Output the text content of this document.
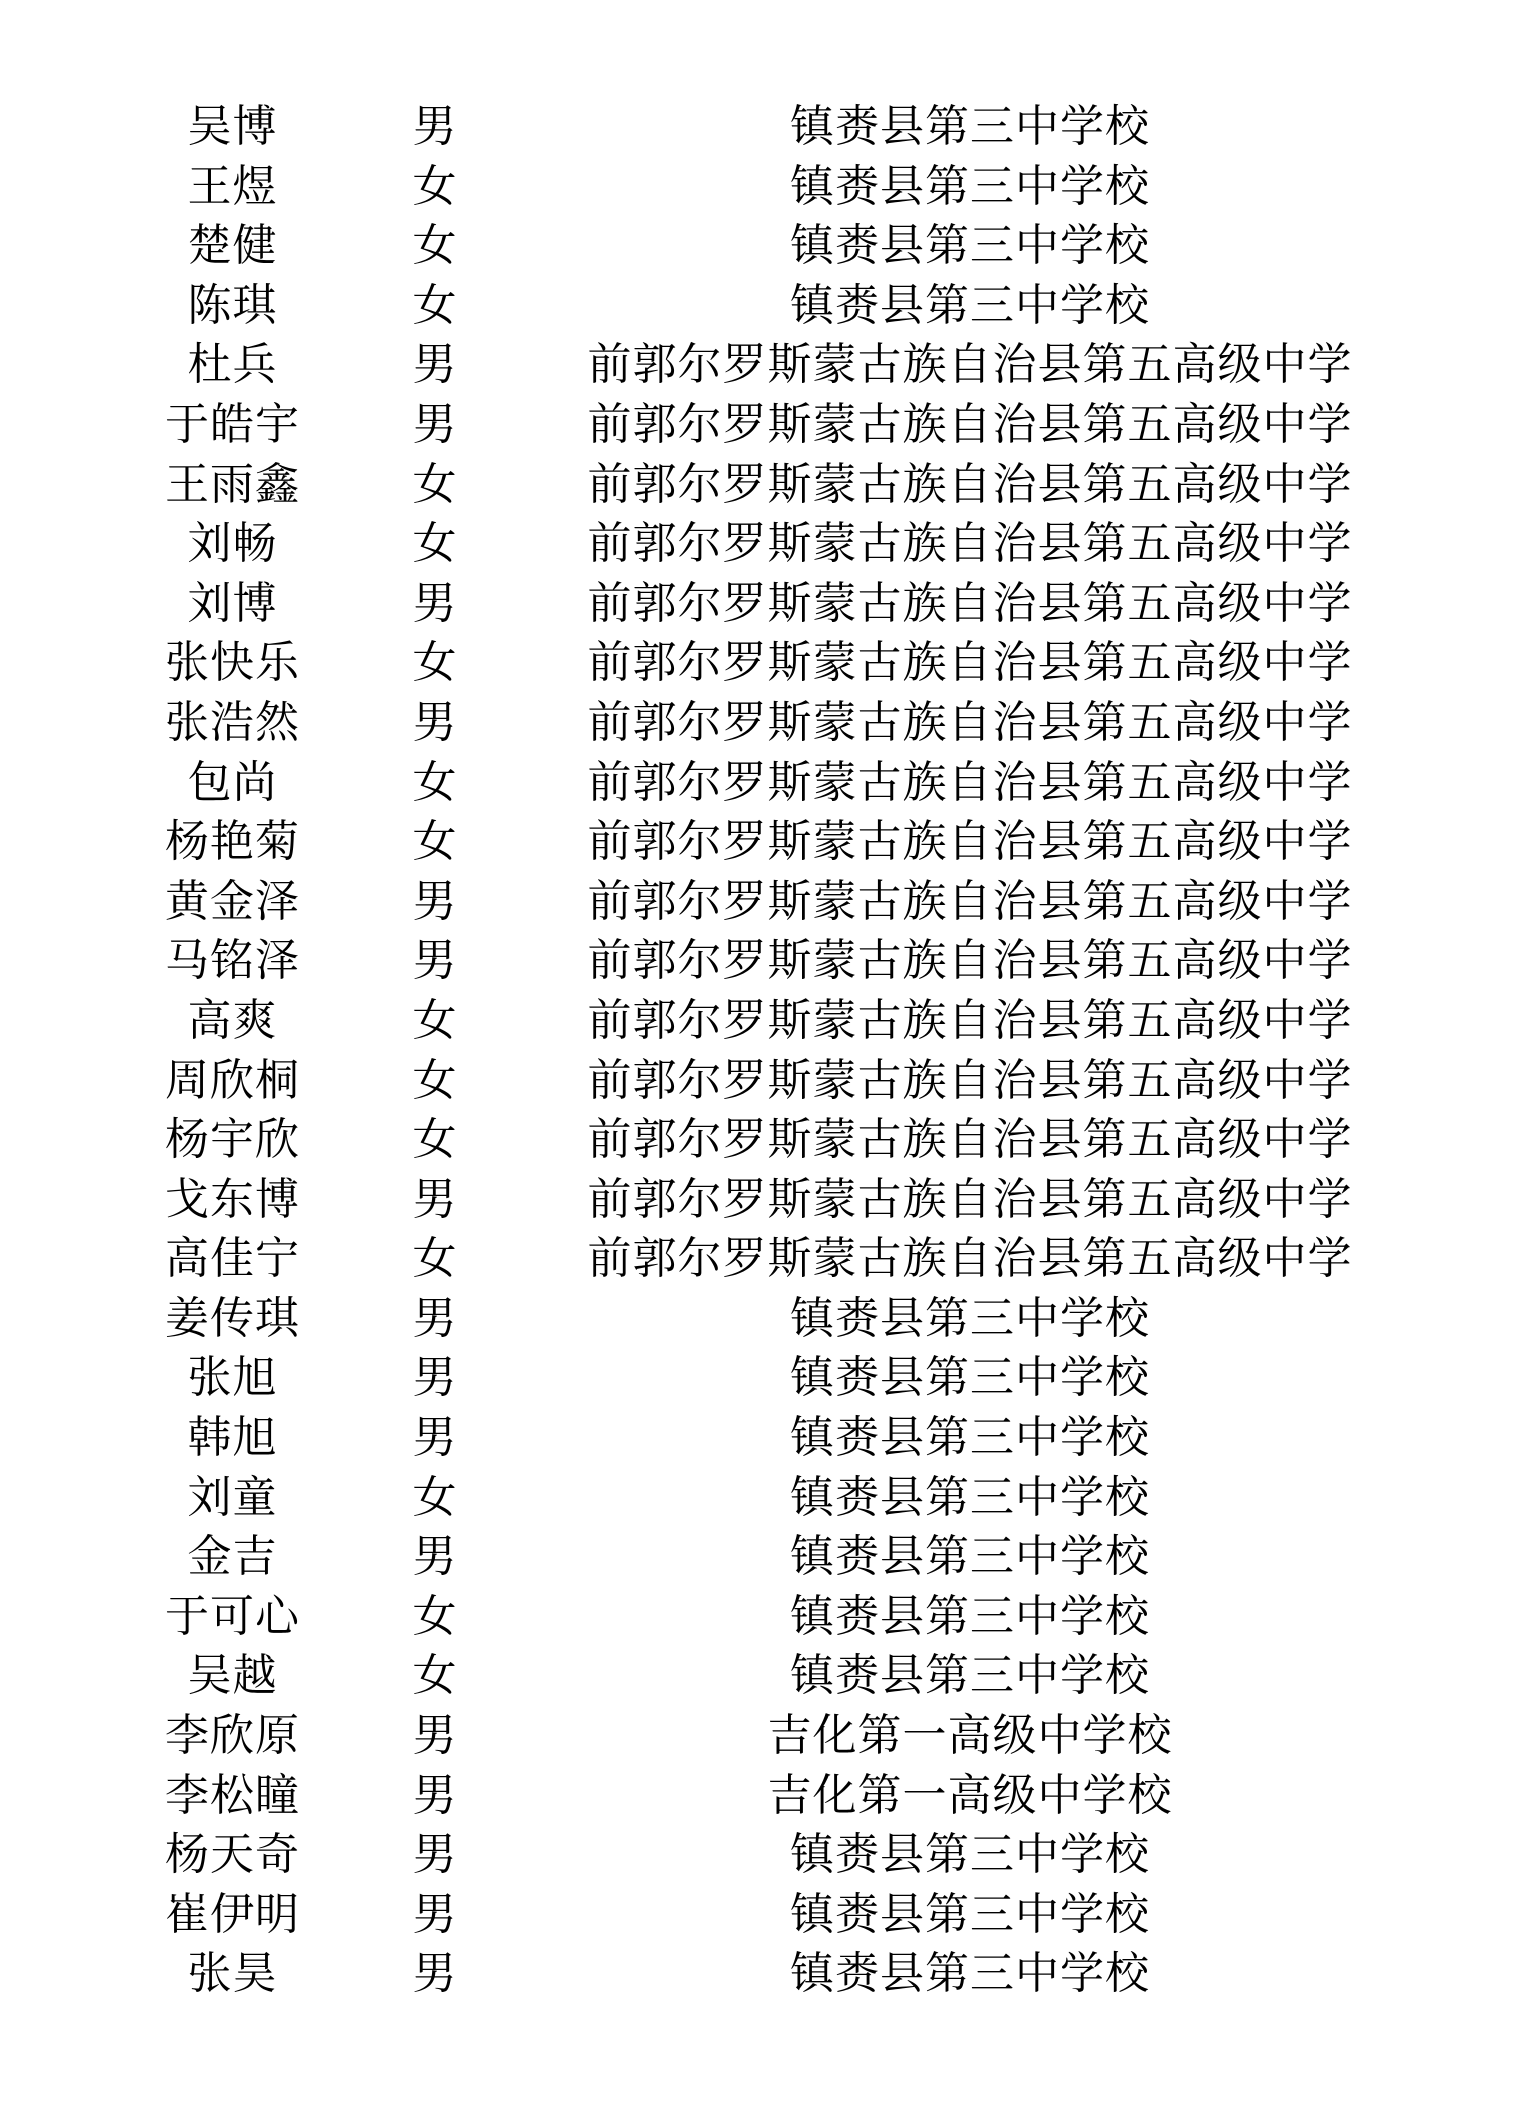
吴博	男	镇赉县第三中学校
王煜	女	镇赉县第三中学校
楚健	女	镇赉县第三中学校
陈琪	女	镇赉县第三中学校
杜兵	男	前郭尔罗斯蒙古族自治县第五高级中学
于皓宇	男	前郭尔罗斯蒙古族自治县第五高级中学
王雨鑫	女	前郭尔罗斯蒙古族自治县第五高级中学
刘畅	女	前郭尔罗斯蒙古族自治县第五高级中学
刘博	男	前郭尔罗斯蒙古族自治县第五高级中学
张快乐	女	前郭尔罗斯蒙古族自治县第五高级中学
张浩然	男	前郭尔罗斯蒙古族自治县第五高级中学
包尚	女	前郭尔罗斯蒙古族自治县第五高级中学
杨艳菊	女	前郭尔罗斯蒙古族自治县第五高级中学
黄金泽	男	前郭尔罗斯蒙古族自治县第五高级中学
马铭泽	男	前郭尔罗斯蒙古族自治县第五高级中学
高爽	女	前郭尔罗斯蒙古族自治县第五高级中学
周欣桐	女	前郭尔罗斯蒙古族自治县第五高级中学
杨宇欣	女	前郭尔罗斯蒙古族自治县第五高级中学
戈东博	男	前郭尔罗斯蒙古族自治县第五高级中学
高佳宁	女	前郭尔罗斯蒙古族自治县第五高级中学
姜传琪	男	镇赉县第三中学校
张旭	男	镇赉县第三中学校
韩旭	男	镇赉县第三中学校
刘童	女	镇赉县第三中学校
金吉	男	镇赉县第三中学校
于可心	女	镇赉县第三中学校
吴越	女	镇赉县第三中学校
李欣原	男	吉化第一高级中学校
李松瞳	男	吉化第一高级中学校
杨天奇	男	镇赉县第三中学校
崔伊明	男	镇赉县第三中学校
张昊	男	镇赉县第三中学校
